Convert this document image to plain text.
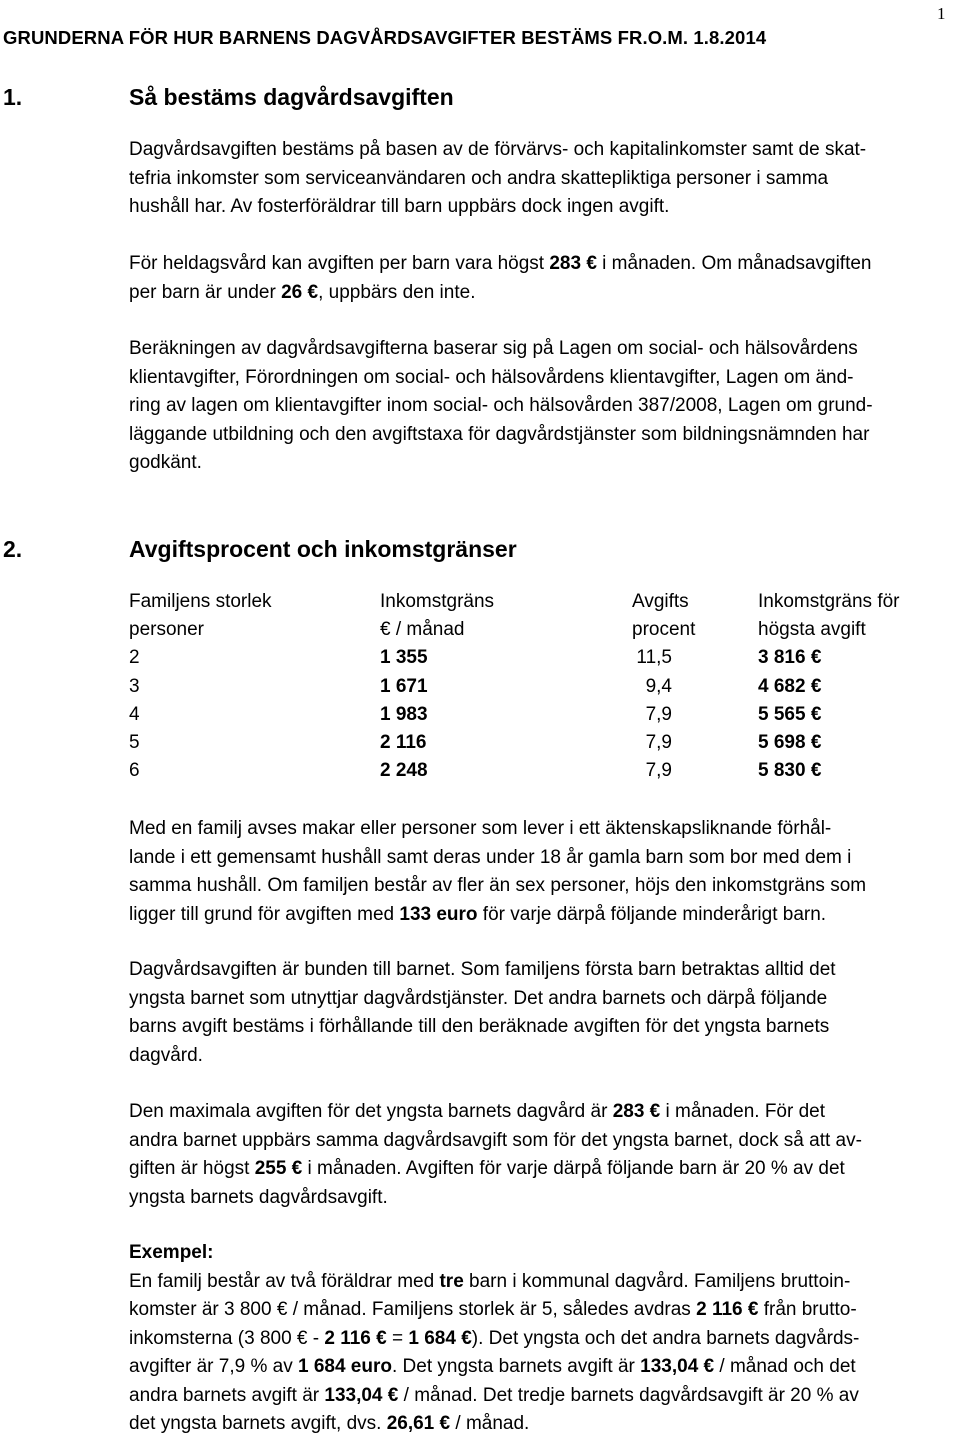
1
GRUNDERNA FÖR HUR BARNENS DAGVÅRDSAVGIFTER BESTÄMS FR.O.M. 1.8.2014
1.	Så bestäms dagvårdsavgiften
Dagvårdsavgiften bestäms på basen av de förvärvs- och kapitalinkomster samt de skat-
tefria inkomster som serviceanvändaren och andra skattepliktiga personer i samma
hushåll har. Av fosterföräldrar till barn uppbärs dock ingen avgift.
För heldagsvård kan avgiften per barn vara högst 283 € i månaden. Om månadsavgiften
per barn är under 26 €, uppbärs den inte.
Beräkningen av dagvårdsavgifterna baserar sig på Lagen om social- och hälsovårdens
klientavgifter, Förordningen om social- och hälsovårdens klientavgifter, Lagen om änd-
ring av lagen om klientavgifter inom social- och hälsovården 387/2008, Lagen om grund-
läggande utbildning och den avgiftstaxa för dagvårdstjänster som bildningsnämnden har
godkänt.
2.	Avgiftsprocent och inkomstgränser
Familjens storlek	Inkomstgräns	Avgifts	Inkomstgräns för
personer	€ / månad	procent	högsta avgift
2	1 355	11,5	3 816 €
3	1 671	9,4	4 682 €
4	1 983	7,9	5 565 €
5	2 116	7,9	5 698 €
6	2 248	7,9	5 830 €
Med en familj avses makar eller personer som lever i ett äktenskapsliknande förhål-
lande i ett gemensamt hushåll samt deras under 18 år gamla barn som bor med dem i
samma hushåll. Om familjen består av fler än sex personer, höjs den inkomstgräns som
ligger till grund för avgiften med 133 euro för varje därpå följande minderårigt barn.
Dagvårdsavgiften är bunden till barnet. Som familjens första barn betraktas alltid det
yngsta barnet som utnyttjar dagvårdstjänster. Det andra barnets och därpå följande
barns avgift bestäms i förhållande till den beräknade avgiften för det yngsta barnets
dagvård.
Den maximala avgiften för det yngsta barnets dagvård är 283 € i månaden. För det
andra barnet uppbärs samma dagvårdsavgift som för det yngsta barnet, dock så att av-
giften är högst 255 € i månaden. Avgiften för varje därpå följande barn är 20 % av det
yngsta barnets dagvårdsavgift.
Exempel:
En familj består av två föräldrar med tre barn i kommunal dagvård. Familjens bruttoin-
komster är 3 800 € / månad. Familjens storlek är 5, således avdras 2 116 € från brutto-
inkomsterna (3 800 € - 2 116 € = 1 684 €). Det yngsta och det andra barnets dagvårds-
avgifter är 7,9 % av 1 684 euro. Det yngsta barnets avgift är 133,04 € / månad och det
andra barnets avgift är 133,04 € / månad. Det tredje barnets dagvårdsavgift är 20 % av
det yngsta barnets avgift, dvs. 26,61 € / månad.
